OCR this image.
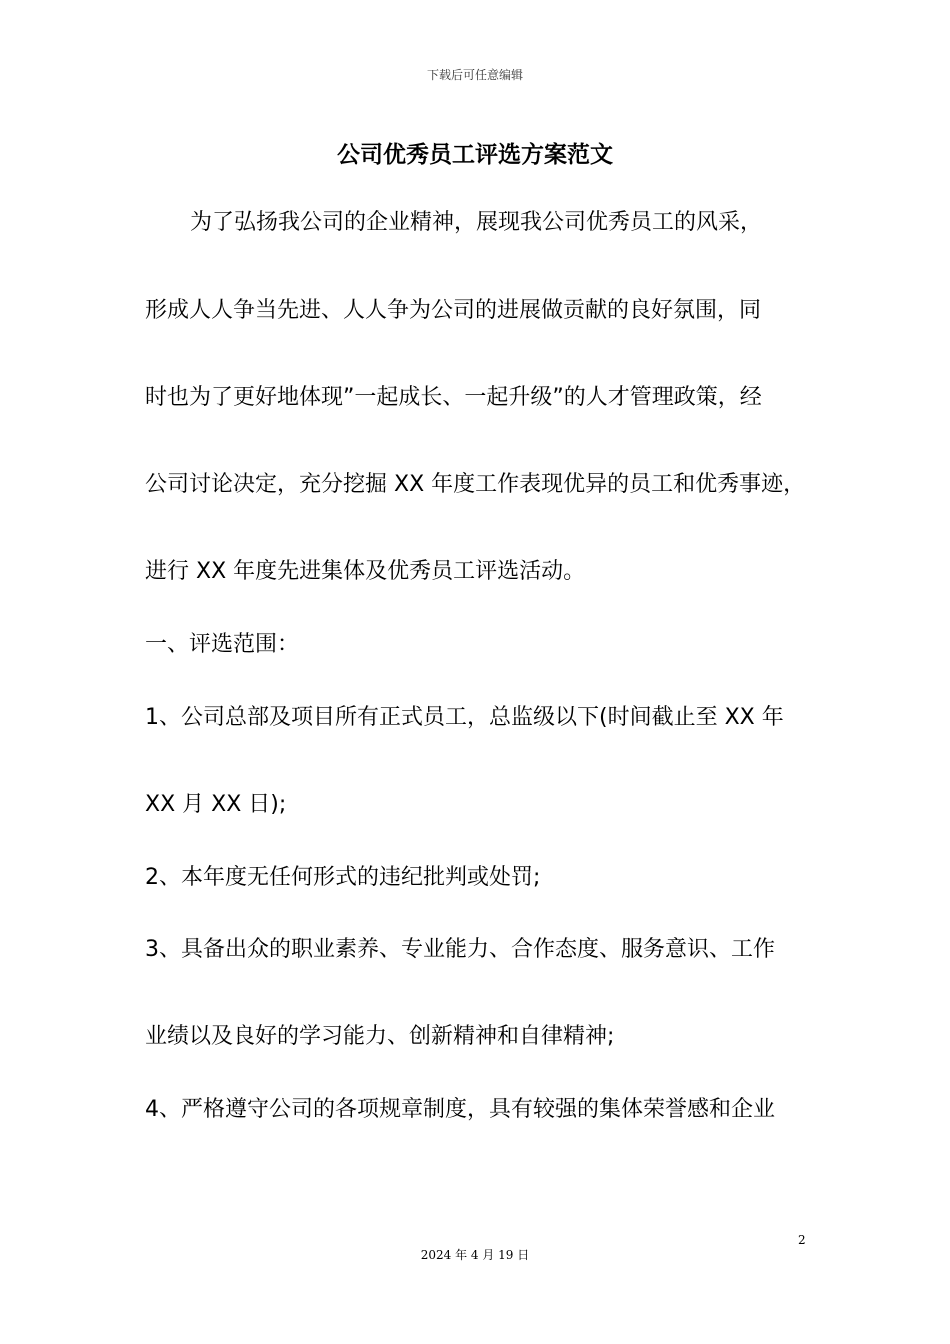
下载后可任意编辑
公司优秀员工评选方案范文
为了弘扬我公司的企业精神，展现我公司优秀员工的风采，
形成人人争当先进、人人争为公司的进展做贡献的良好氛围，同
时也为了更好地体现”一起成长、一起升级”的人才管理政策，经
公司讨论决定，充分挖掘 XX 年度工作表现优异的员工和优秀事迹，
进行 XX 年度先进集体及优秀员工评选活动。
一、评选范围：
1、公司总部及项目所有正式员工，总监级以下(时间截止至 XX 年
XX 月 XX 日);
2、本年度无任何形式的违纪批判或处罚;
3、具备出众的职业素养、专业能力、合作态度、服务意识、工作
业绩以及良好的学习能力、创新精神和自律精神;
4、严格遵守公司的各项规章制度，具有较强的集体荣誉感和企业
2
2024 年 4 月 19 日
